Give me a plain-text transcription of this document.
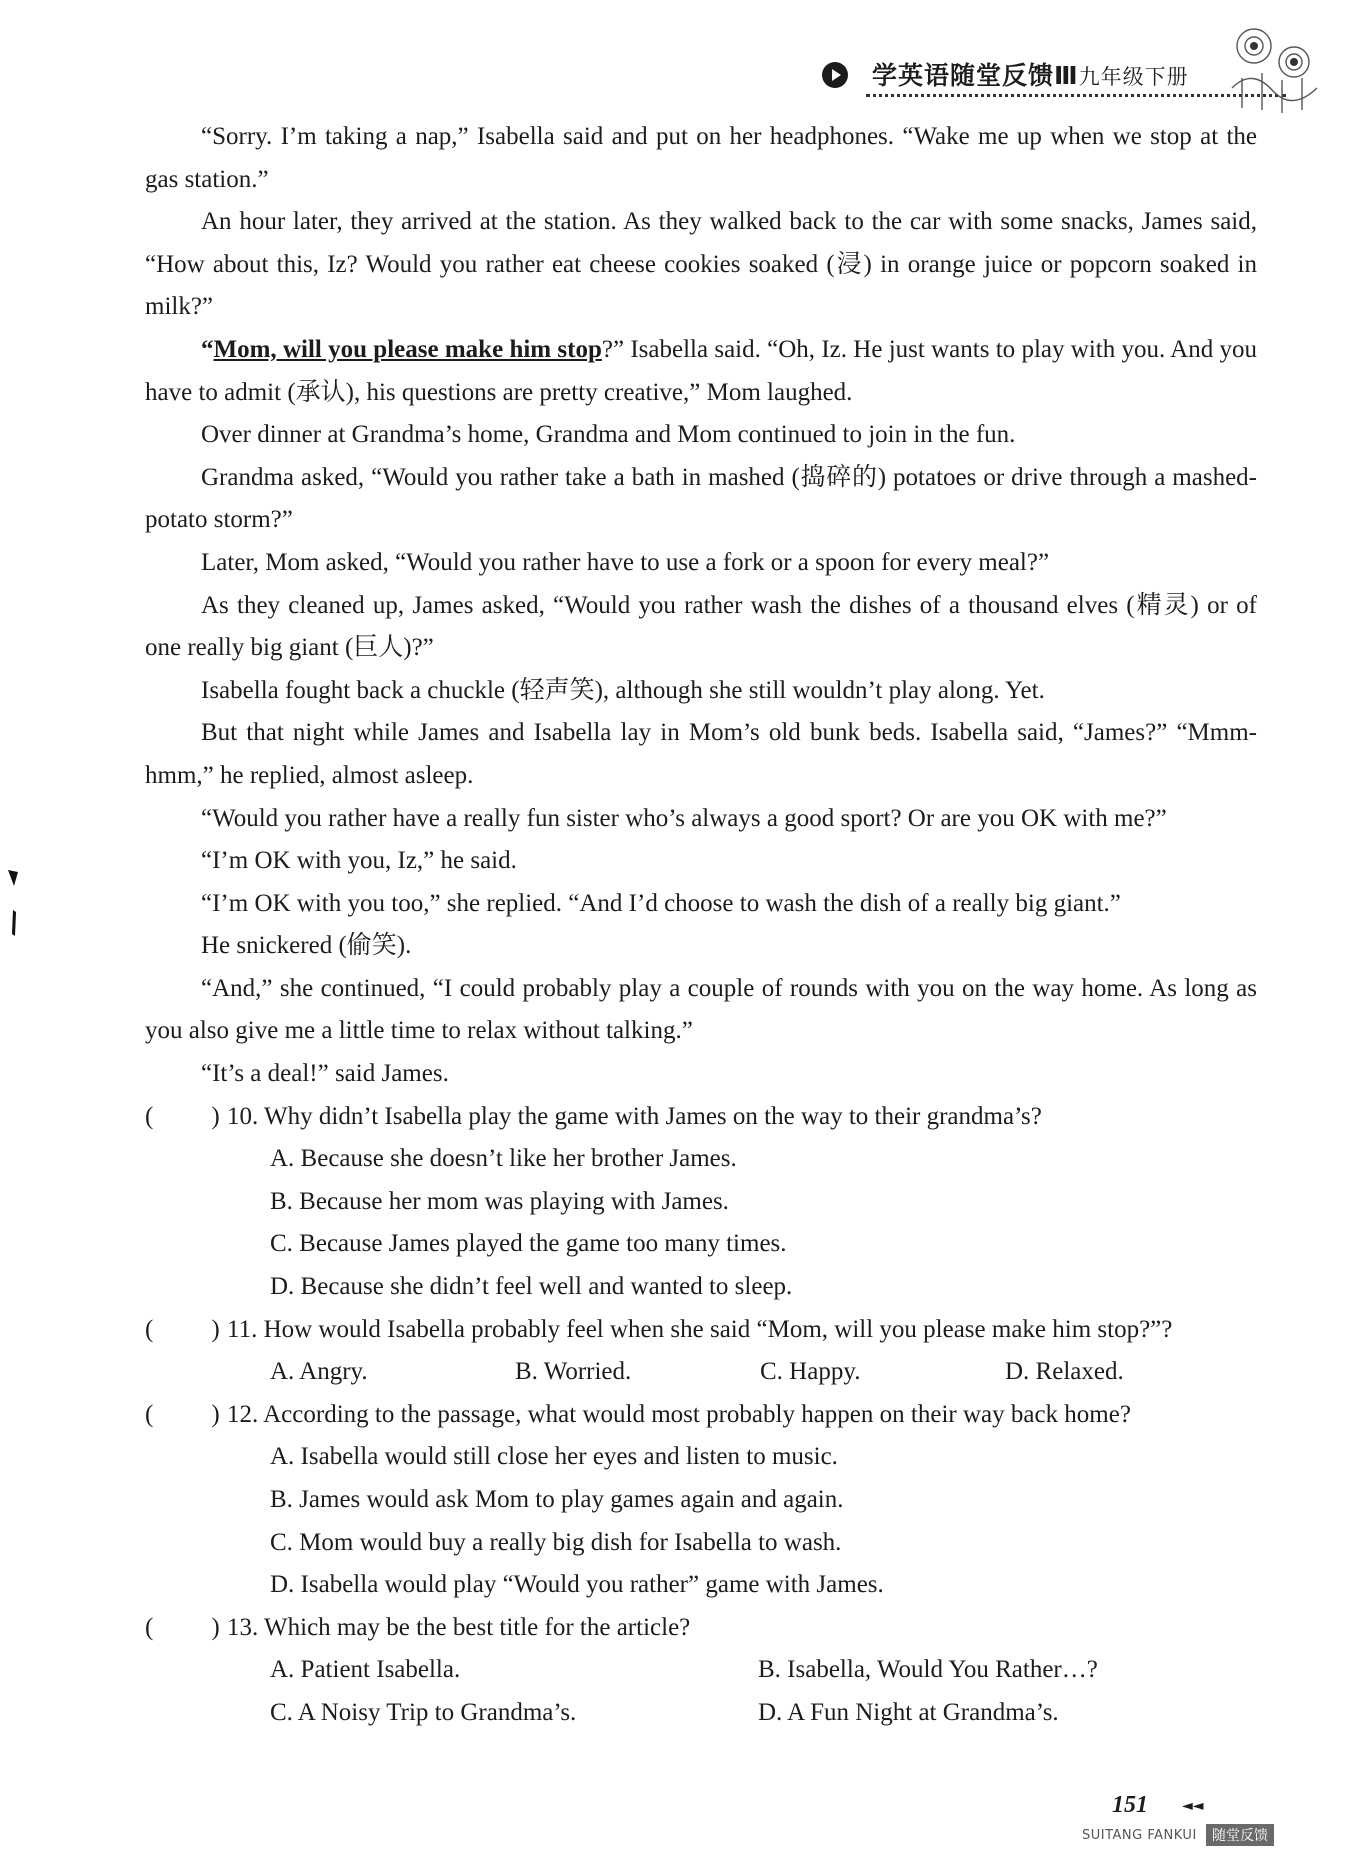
学英语随堂反馈Ⅲ九年级下册

“Sorry. I’m taking a nap,” Isabella said and put on her headphones. “Wake me up when we stop at the gas station.”

An hour later, they arrived at the station. As they walked back to the car with some snacks, James said, “How about this, Iz? Would you rather eat cheese cookies soaked (浸) in orange juice or popcorn soaked in milk?”

“Mom, will you please make him stop?” Isabella said. “Oh, Iz. He just wants to play with you. And you have to admit (承认), his questions are pretty creative,” Mom laughed.

Over dinner at Grandma’s home, Grandma and Mom continued to join in the fun.

Grandma asked, “Would you rather take a bath in mashed (捣碎的) potatoes or drive through a mashed-potato storm?”

Later, Mom asked, “Would you rather have to use a fork or a spoon for every meal?”

As they cleaned up, James asked, “Would you rather wash the dishes of a thousand elves (精灵) or of one really big giant (巨人)?”

Isabella fought back a chuckle (轻声笑), although she still wouldn’t play along. Yet.

But that night while James and Isabella lay in Mom’s old bunk beds. Isabella said, “James?” “Mmm-hmm,” he replied, almost asleep.

“Would you rather have a really fun sister who’s always a good sport? Or are you OK with me?”

“I’m OK with you, Iz,” he said.

“I’m OK with you too,” she replied. “And I’d choose to wash the dish of a really big giant.”

He snickered (偷笑).

“And,” she continued, “I could probably play a couple of rounds with you on the way home. As long as you also give me a little time to relax without talking.”

“It’s a deal!” said James.

( ) 10. Why didn’t Isabella play the game with James on the way to their grandma’s?
A. Because she doesn’t like her brother James.
B. Because her mom was playing with James.
C. Because James played the game too many times.
D. Because she didn’t feel well and wanted to sleep.
( ) 11. How would Isabella probably feel when she said “Mom, will you please make him stop?”?
A. Angry.	B. Worried.	C. Happy.	D. Relaxed.
( ) 12. According to the passage, what would most probably happen on their way back home?
A. Isabella would still close her eyes and listen to music.
B. James would ask Mom to play games again and again.
C. Mom would buy a really big dish for Isabella to wash.
D. Isabella would play “Would you rather” game with James.
( ) 13. Which may be the best title for the article?
A. Patient Isabella.	B. Isabella, Would You Rather…?
C. A Noisy Trip to Grandma’s.	D. A Fun Night at Grandma’s.
151 ◄◄
SUITANG FANKUI	随堂反馈
